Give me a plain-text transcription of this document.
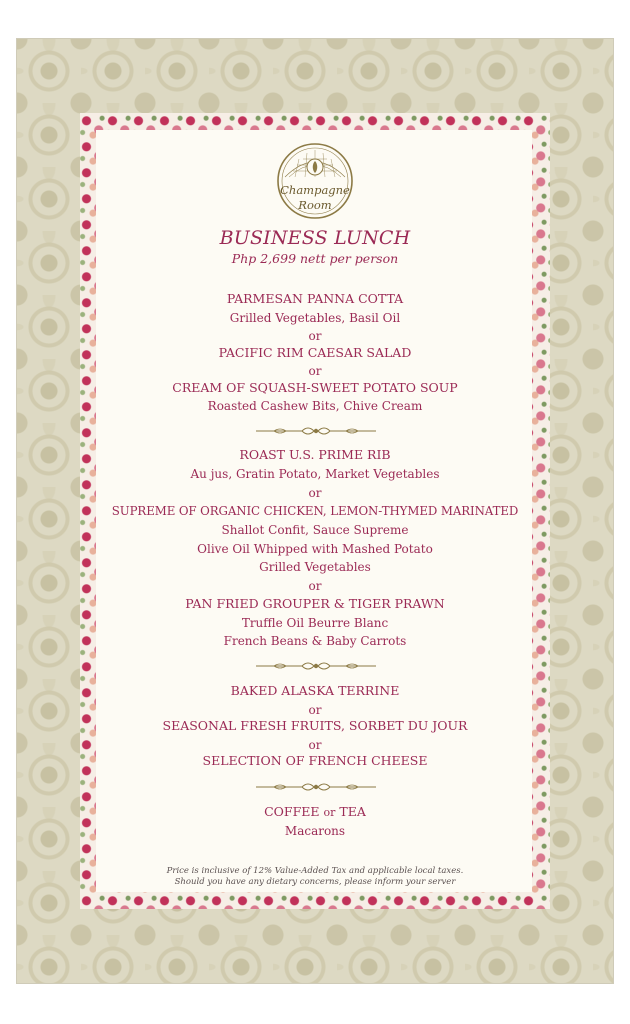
Champagne
Room
BUSINESS LUNCH
Php 2,699 nett per person
PARMESAN PANNA COTTA
Grilled Vegetables, Basil Oil
or
PACIFIC RIM CAESAR SALAD
or
CREAM OF SQUASH-SWEET POTATO SOUP
Roasted Cashew Bits, Chive Cream
ROAST U.S. PRIME RIB
Au jus, Gratin Potato, Market Vegetables
or
SUPREME OF ORGANIC CHICKEN, LEMON-THYMED MARINATED
Shallot Confit, Sauce Supreme
Olive Oil Whipped with Mashed Potato
Grilled Vegetables
or
PAN FRIED GROUPER & TIGER PRAWN
Truffle Oil Beurre Blanc
French Beans & Baby Carrots
BAKED ALASKA TERRINE
or
SEASONAL FRESH FRUITS, SORBET DU JOUR
or
SELECTION OF FRENCH CHEESE
COFFEE or TEA
Macarons
Price is inclusive of 12% Value-Added Tax and applicable local taxes.
Should you have any dietary concerns, please inform your server
